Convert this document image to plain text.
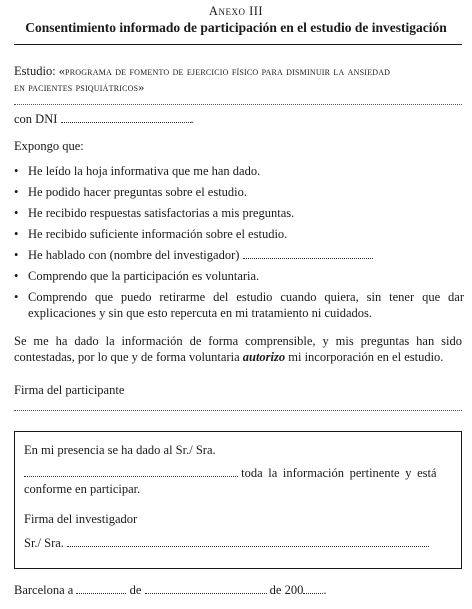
Anexo III
Consentimiento informado de participación en el estudio de investigación
Estudio: «programa de fomento de ejercicio físico para disminuir la ansiedad
en pacientes psiquiátricos»
con DNI	.
Expongo que:
• He leído la hoja informativa que me han dado.
• He podido hacer preguntas sobre el estudio.
• He recibido respuestas satisfactorias a mis preguntas.
• He recibido suficiente información sobre el estudio.
• He hablado con (nombre del investigador)
• Comprendo que la participación es voluntaria.
• Comprendo que puedo retirarme del estudio cuando quiera, sin tener que dar explicaciones y sin que esto repercuta en mi tratamiento ni cuidados.
Se me ha dado la información de forma comprensible, y mis preguntas han sido contestadas, por lo que y de forma voluntaria autorizo mi incorporación en el estudio.
Firma del participante
En mi presencia se ha dado al Sr./ Sra.
toda la información pertinente y está
conforme en participar.
Firma del investigador
Sr./ Sra.
Barcelona a	de	de 200 .
